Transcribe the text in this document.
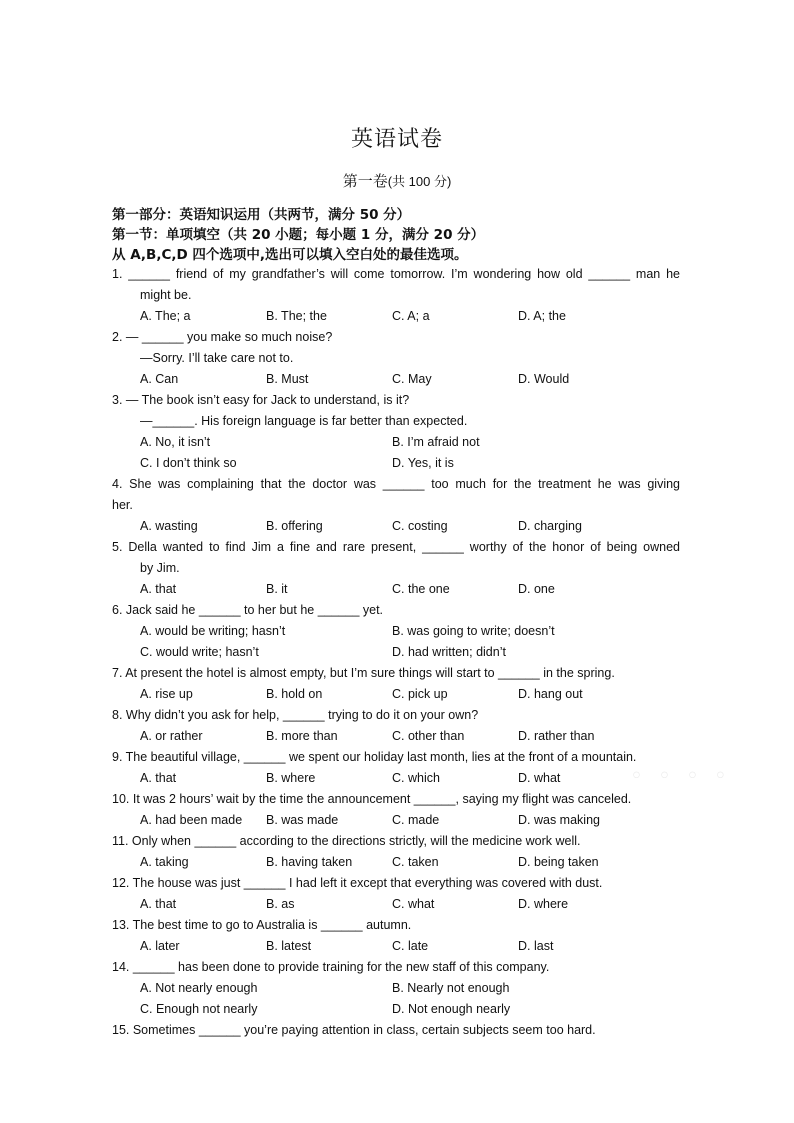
英语试卷
第一卷(共 100 分)
第一部分：英语知识运用（共两节，满分 50 分）
第一节：单项填空（共 20 小题；每小题 1 分，满分 20 分）
从 A,B,C,D 四个选项中,选出可以填入空白处的最佳选项。
1. ______ friend of my grandfather’s will come tomorrow. I’m wondering how old ______ man he
might be.
A. The; a	B. The; the	C. A; a	D. A; the
2. — ______ you make so much noise?
—Sorry. I’ll take care not to.
A. Can	B. Must	C. May	D. Would
3. — The book isn’t easy for Jack to understand, is it?
—______. His foreign language is far better than expected.
A. No, it isn’t	B. I’m afraid not
C. I don’t think so	D. Yes, it is
4. She was complaining that the doctor was ______ too much for the treatment he was giving
her.
A. wasting	B. offering	C. costing	D. charging
5. Della wanted to find Jim a fine and rare present, ______ worthy of the honor of being owned
by Jim.
A. that	B. it	C. the one	D. one
6. Jack said he ______ to her but he ______ yet.
A. would be writing; hasn’t	B. was going to write; doesn’t
C. would write; hasn’t	D. had written; didn’t
7. At present the hotel is almost empty, but I’m sure things will start to ______ in the spring.
A. rise up	B. hold on	C. pick up	D. hang out
8. Why didn’t you ask for help, ______ trying to do it on your own?
A. or rather	B. more than	C. other than	D. rather than
9. The beautiful village, ______ we spent our holiday last month, lies at the front of a mountain.
A. that	B. where	C. which	D. what
10. It was 2 hours’ wait by the time the announcement ______, saying my flight was canceled.
A. had been made B. was made	C. made	D. was making
11. Only when ______ according to the directions strictly, will the medicine work well.
A. taking	B. having taken	C. taken	D. being taken
12. The house was just ______ I had left it except that everything was covered with dust.
A. that	B. as	C. what	D. where
13. The best time to go to Australia is ______ autumn.
A. later	B. latest	C. late	D. last
14. ______ has been done to provide training for the new staff of this company.
A. Not nearly enough	B. Nearly not enough
C. Enough not nearly	D. Not enough nearly
15. Sometimes ______ you’re paying attention in class, certain subjects seem too hard.
◦ ◦ ◦ ◦
